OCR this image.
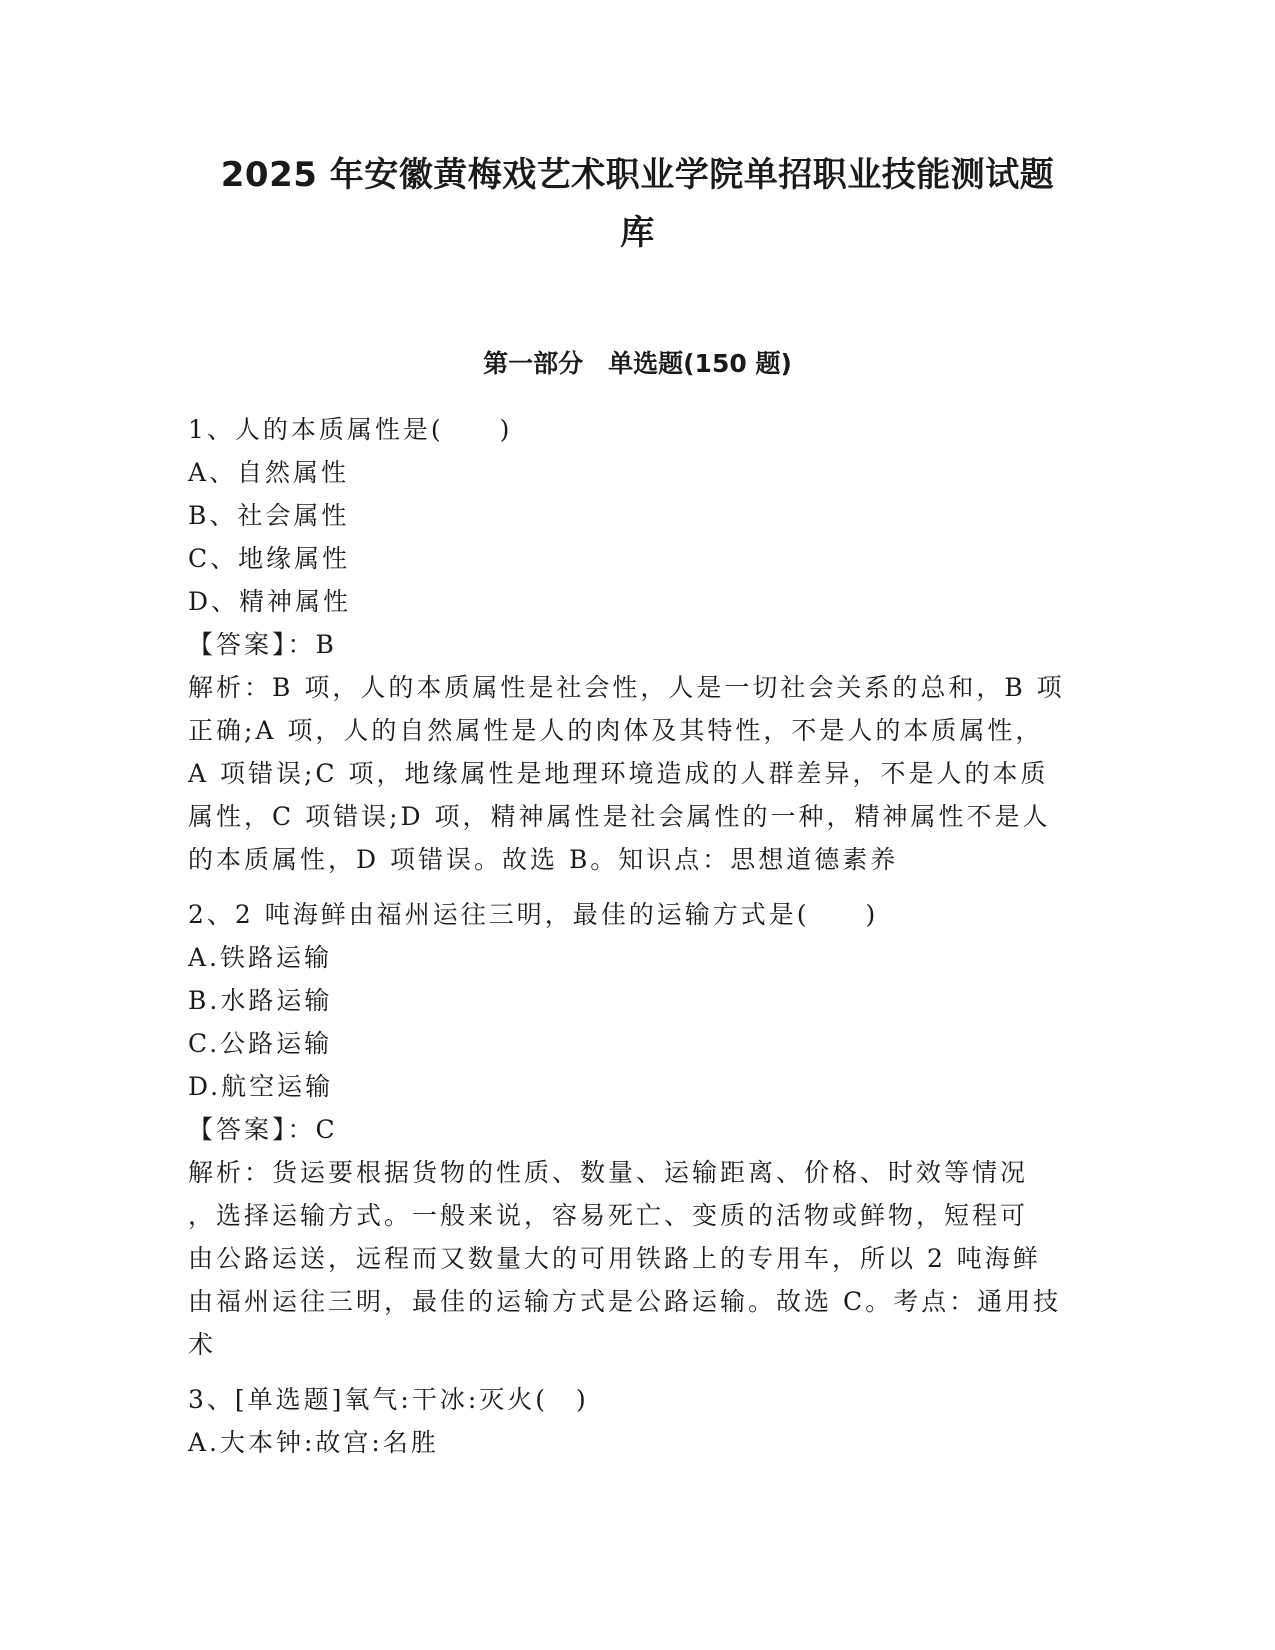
2025 年安徽黄梅戏艺术职业学院单招职业技能测试题
库
第一部分　单选题(150 题)

1、人的本质属性是(　　)

A、自然属性

B、社会属性

C、地缘属性

D、精神属性

【答案】：B

解析：B 项，人的本质属性是社会性，人是一切社会关系的总和，B 项

正确;A 项，人的自然属性是人的肉体及其特性，不是人的本质属性，

A 项错误;C 项，地缘属性是地理环境造成的人群差异，不是人的本质

属性，C 项错误;D 项，精神属性是社会属性的一种，精神属性不是人

的本质属性，D 项错误。故选 B。知识点：思想道德素养

2、2 吨海鲜由福州运往三明，最佳的运输方式是(　　)

A.铁路运输

B.水路运输

C.公路运输

D.航空运输

【答案】：C

解析：货运要根据货物的性质、数量、运输距离、价格、时效等情况

，选择运输方式。一般来说，容易死亡、变质的活物或鲜物，短程可

由公路运送，远程而又数量大的可用铁路上的专用车，所以 2 吨海鲜

由福州运往三明，最佳的运输方式是公路运输。故选 C。考点：通用技

术

3、[单选题]氧气:干冰:灭火(　)

A.大本钟:故宫:名胜
